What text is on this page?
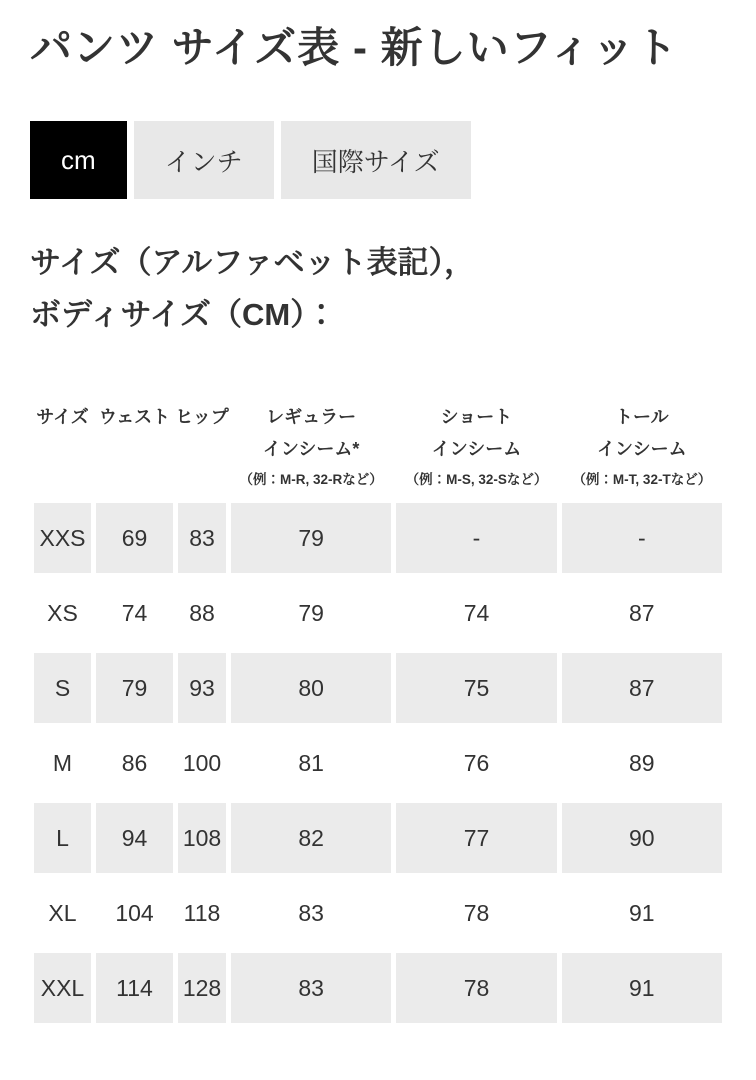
パンツ サイズ表 - 新しいフィット
cm	インチ	国際サイズ
サイズ（アルファベット表記），
ボディサイズ（CM）：
サイズ ウェスト ヒップ レギュラー
インシーム*
（例：M-R, 32-Rなど）
ショート
インシーム
（例：M-S, 32-Sなど）
トール
インシーム
（例：M-T, 32-Tなど）
XXS	69	83	79	-	-
XS	74	88	79	74	87
S	79	93	80	75	87
M	86	100	81	76	89
L	94	108	82	77	90
XL	104	118	83	78	91
XXL	114	128	83	78	91
